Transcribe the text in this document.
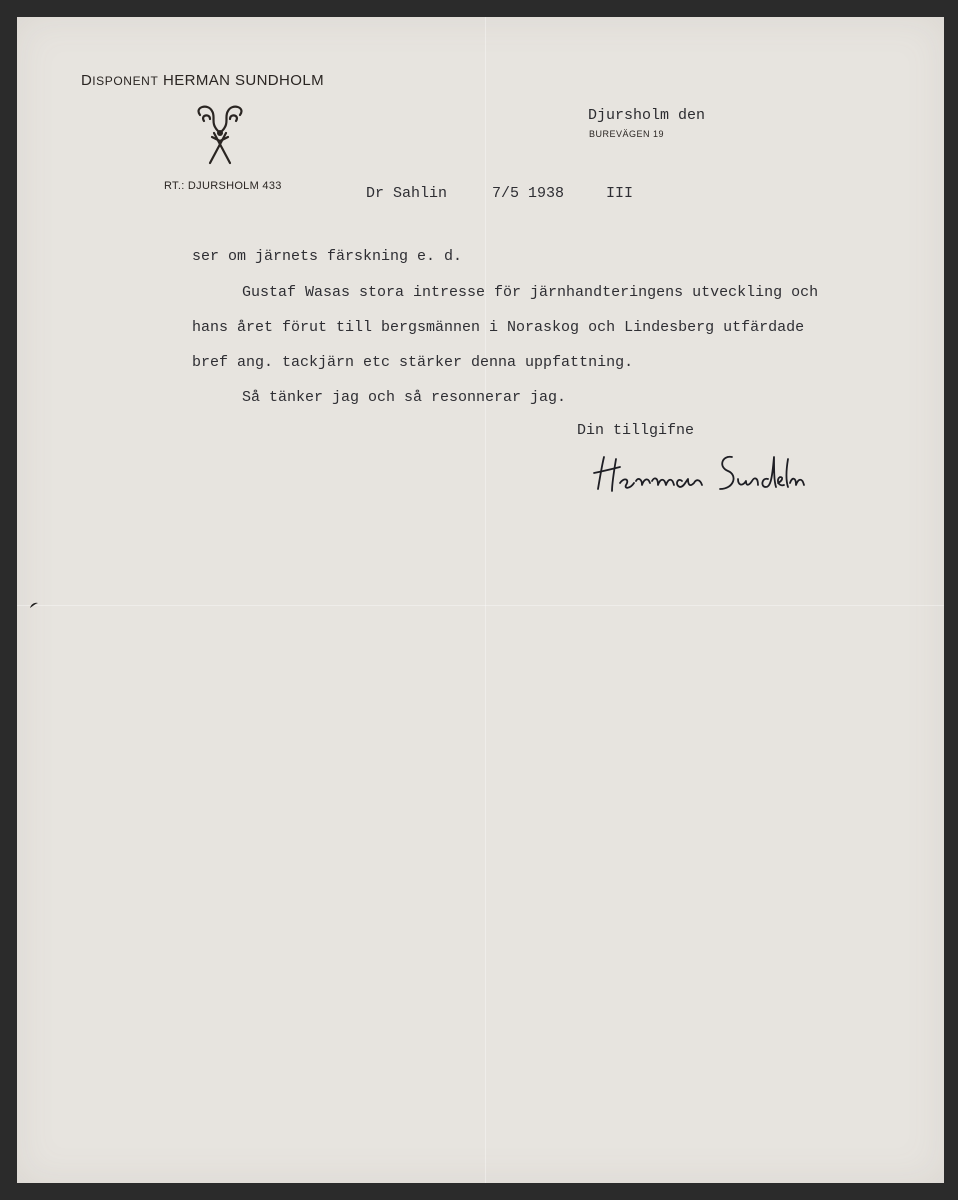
DISPONENT HERMAN SUNDHOLM
RT.: DJURSHOLM 433
Djursholm den
BUREVÄGEN 19
Dr Sahlin	7/5 1938	III
ser om järnets färskning e. d.
Gustaf Wasas stora intresse för järnhandteringens utveckling och
hans året förut till bergsmännen i Noraskog och Lindesberg utfärdade
bref ang. tackjärn etc stärker denna uppfattning.
Så tänker jag och så resonnerar jag.
Din tillgifne
